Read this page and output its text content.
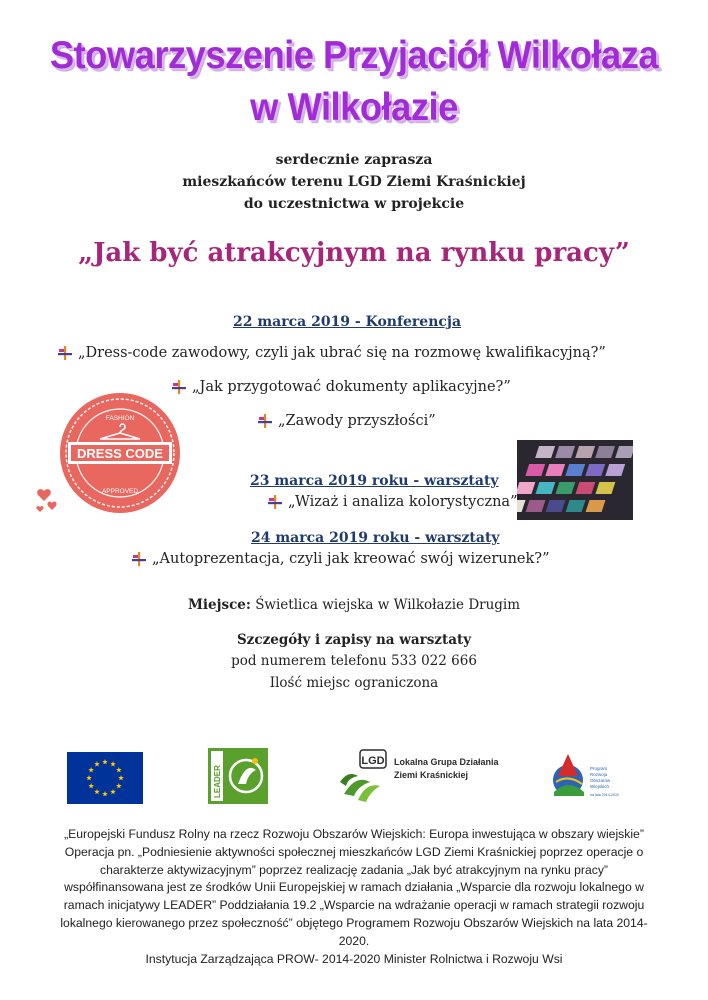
Stowarzyszenie Przyjaciół Wilkołaza
w Wilkołazie
serdecznie zaprasza
mieszkańców terenu LGD Ziemi Kraśnickiej
do uczestnictwa w projekcie
„Jak być atrakcyjnym na rynku pracy”
22 marca 2019 - Konferencja
„Dress-code zawodowy, czyli jak ubrać się na rozmowę kwalifikacyjną?”
„Jak przygotować dokumenty aplikacyjne?”
„Zawody przyszłości”
DRESS CODE
FASHION
APPROVED
23 marca 2019 roku - warsztaty
„Wizaż i analiza kolorystyczna”
24 marca 2019 roku - warsztaty
„Autoprezentacja, czyli jak kreować swój wizerunek?”
Miejsce: Świetlica wiejska w Wilkołazie Drugim
Szczegóły i zapisy na warsztaty
pod numerem telefonu 533 022 666
Ilość miejsc ograniczona
LEADER
LGD Lokalna Grupa Działania
Ziemi Kraśnickiej
Program
Rozwoju
Obszarów
Wiejskich
na lata 2014-2020
„Europejski Fundusz Rolny na rzecz Rozwoju Obszarów Wiejskich: Europa inwestująca w obszary wiejskie”
Operacja pn. „Podniesienie aktywności społecznej mieszkańców LGD Ziemi Kraśnickiej poprzez operacje o
charakterze aktywizacyjnym” poprzez realizację zadania „Jak być atrakcyjnym na rynku pracy”
współfinansowana jest ze środków Unii Europejskiej w ramach działania „Wsparcie dla rozwoju lokalnego w
ramach inicjatywy LEADER” Poddziałania 19.2 „Wsparcie na wdrażanie operacji w ramach strategii rozwoju
lokalnego kierowanego przez społeczność” objętego Programem Rozwoju Obszarów Wiejskich na lata 2014-
2020.
Instytucja Zarządzająca PROW- 2014-2020 Minister Rolnictwa i Rozwoju Wsi
